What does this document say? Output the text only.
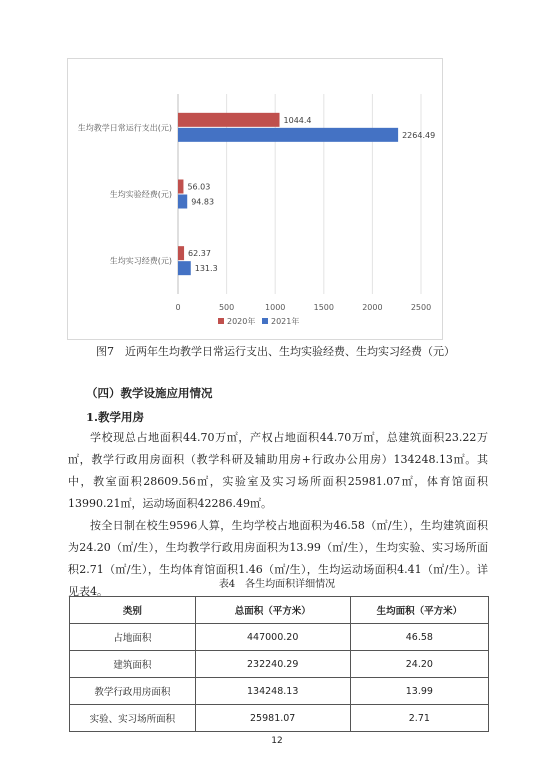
0	500	1000	1500	2000	2500
生均教学日常运行支出(元)
1044.4
2264.49
生均实验经费(元)
56.03
94.83
生均实习经费(元)
62.37
131.3
2020年 2021年
图7　近两年生均教学日常运行支出、生均实验经费、生均实习经费（元）
（四）教学设施应用情况
1.教学用房

学校现总占地面积44.70万㎡，产权占地面积44.70万㎡，总建筑面积23.22万㎡，教学行政用房面积（教学科研及辅助用房+行政办公用房）134248.13㎡。其中，教室面积28609.56㎡，实验室及实习场所面积25981.07㎡，体育馆面积13990.21㎡，运动场面积42286.49㎡。

按全日制在校生9596人算，生均学校占地面积为46.58（㎡/生），生均建筑面积为24.20（㎡/生），生均教学行政用房面积为13.99（㎡/生），生均实验、实习场所面积2.71（㎡/生），生均体育馆面积1.46（㎡/生），生均运动场面积4.41（㎡/生）。详见表4。

表4　各生均面积详细情况
类别	总面积（平方米）	生均面积（平方米）
占地面积	447000.20	46.58
建筑面积	232240.29	24.20
教学行政用房面积	134248.13	13.99
实验、实习场所面积	25981.07	2.71
12
